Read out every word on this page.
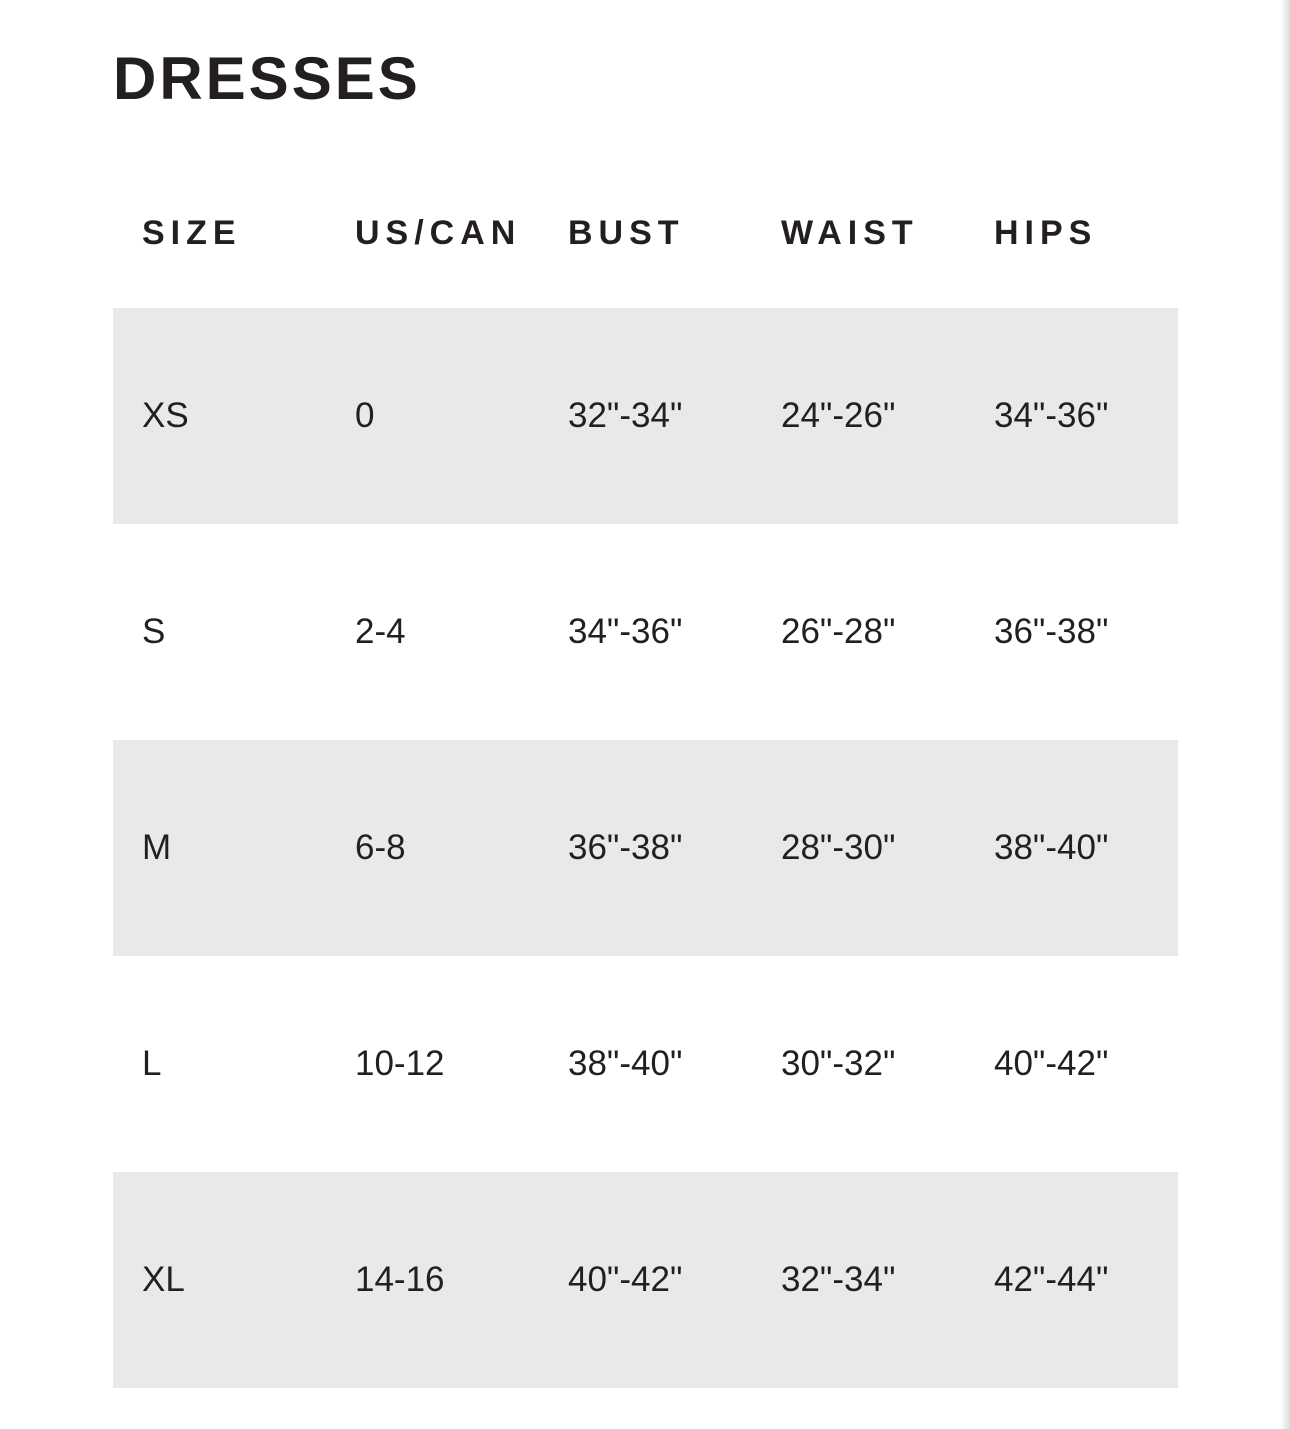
DRESSES
SIZE	US/CAN	BUST	WAIST	HIPS
XS	0	32"-34"	24"-26"	34"-36"
S	2-4	34"-36"	26"-28"	36"-38"
M	6-8	36"-38"	28"-30"	38"-40"
L	10-12	38"-40"	30"-32"	40"-42"
XL	14-16	40"-42"	32"-34"	42"-44"
